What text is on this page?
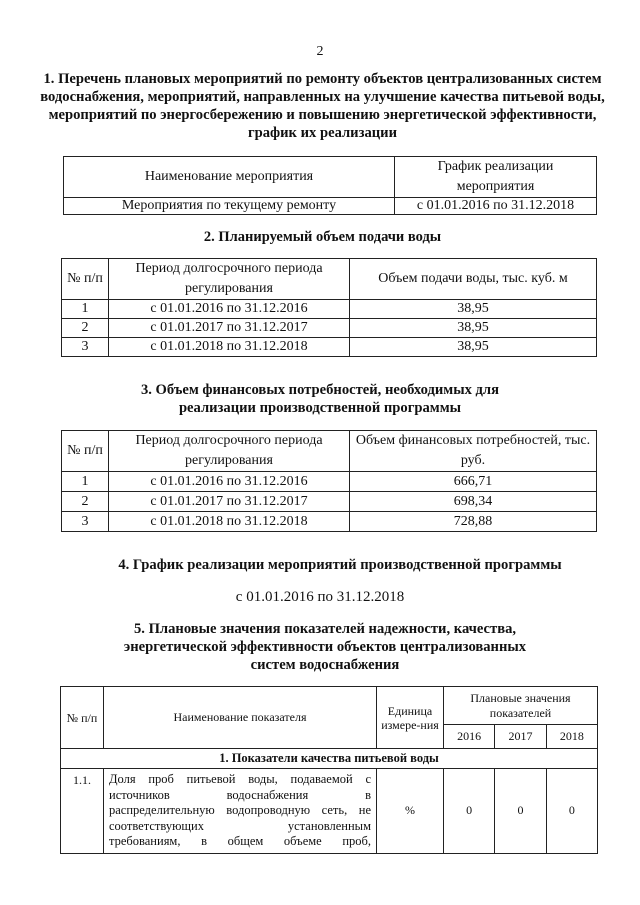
2
1. Перечень плановых мероприятий по ремонту объектов централизованных систем водоснабжения, мероприятий, направленных на улучшение качества питьевой воды, мероприятий по энергосбережению и повышению энергетической эффективности, график их реализации
Наименование мероприятия	График реализации мероприятия
Мероприятия по текущему ремонту	с 01.01.2016 по 31.12.2018
2. Планируемый объем подачи воды
№ п/п	Период долгосрочного периода регулирования	Объем подачи воды, тыс. куб. м
1	с 01.01.2016 по 31.12.2016	38,95
2	с 01.01.2017 по 31.12.2017	38,95
3	с 01.01.2018 по 31.12.2018	38,95
3. Объем финансовых потребностей, необходимых для реализации производственной программы
№ п/п	Период долгосрочного периода регулирования	Объем финансовых потребностей, тыс. руб.
1	с 01.01.2016 по 31.12.2016	666,71
2	с 01.01.2017 по 31.12.2017	698,34
3	с 01.01.2018 по 31.12.2018	728,88
4. График реализации мероприятий производственной программы
с 01.01.2016 по 31.12.2018
5. Плановые значения показателей надежности, качества, энергетической эффективности объектов централизованных систем водоснабжения
№ п/п	Наименование показателя	Единица измере-ния	Плановые значения показателей		
			2016	2017	2018
1. Показатели качества питьевой воды					
1.1.	Доля проб питьевой воды, подаваемой с
источников водоснабжения в
распределительную водопроводную сеть, не
соответствующих установленным
требованиям, в общем объеме проб,	%	0	0	0
